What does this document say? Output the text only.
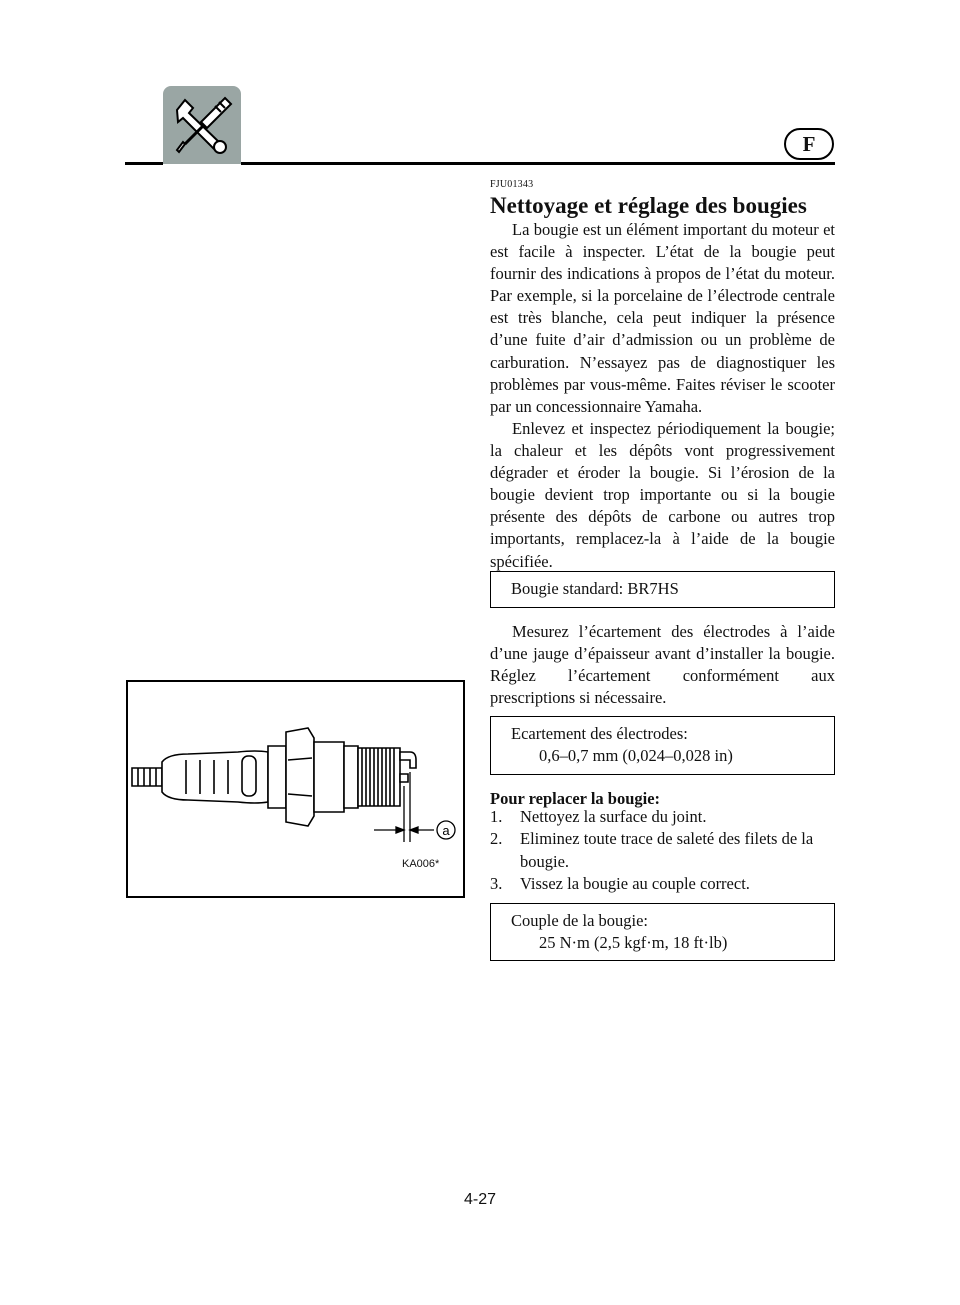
F
FJU01343
Nettoyage et réglage des bougies

La bougie est un élément important du moteur et est facile à inspecter. L’état de la bougie peut fournir des indications à propos de l’état du moteur. Par exemple, si la porcelaine de l’électrode centrale est très blanche, cela peut indiquer la présence d’une fuite d’air d’admission ou un problème de carburation. N’essayez pas de diagnostiquer les problèmes par vous-même. Faites réviser le scooter par un concessionnaire Yamaha.

Enlevez et inspectez périodiquement la bougie; la chaleur et les dépôts vont progressivement dégrader et éroder la bougie. Si l’érosion de la bougie devient trop importante ou si la bougie présente des dépôts de carbone ou autres trop importants, remplacez-la à l’aide de la bougie spécifiée.

Bougie standard: BR7HS

Mesurez l’écartement des électrodes à l’aide d’une jauge d’épaisseur avant d’installer la bougie. Réglez l’écartement conformément aux prescriptions si nécessaire.

Ecartement des électrodes:
0,6–0,7 mm (0,024–0,028 in)
Pour replacer la bougie:
1.	Nettoyez la surface du joint.
2.	Eliminez toute trace de saleté des filets de la bougie.
3.	Vissez la bougie au couple correct.
Couple de la bougie:
25 N·m (2,5 kgf·m, 18 ft·lb)
a
KA006*
4-27
